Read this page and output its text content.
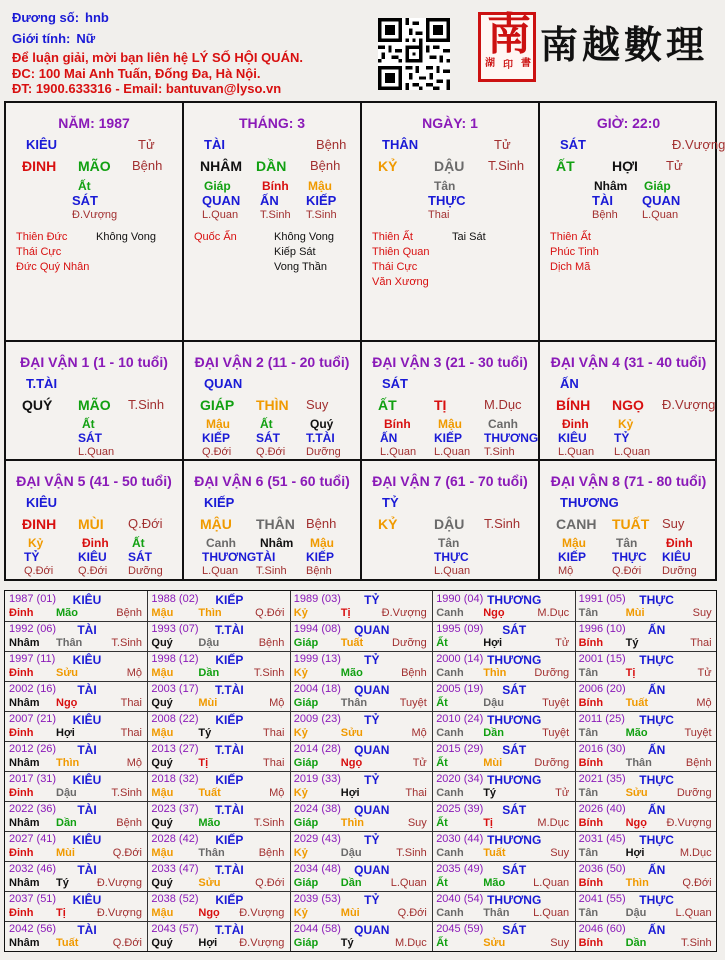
Đương số: hnb
Giới tính: Nữ
Để luận giải, mời bạn liên hệ LÝ SỐ HỘI QUÁN.
ĐC: 100 Mai Anh Tuấn, Đống Đa, Hà Nội.
ĐT: 1900.633316 - Email: bantuvan@lyso.vn
南
湖 印 書 南越數理
NĂM: 1987
KIÊU	Tử
ĐINH MÃO Bệnh
Ất
SÁT
Đ.Vượng
Thiên Đức
Thái Cực
Đức Quý Nhân
Không Vong
THÁNG: 3
TÀI	Bệnh
NHÂM DẦN Bệnh
Giáp
QUAN
L.Quan
Bính
ẤN
T.Sinh
Mậu
KIẾP
T.Sinh
Quốc Ấn	Không Vong
Kiếp Sát
Vong Thần
NGÀY: 1
THÂN	Tử
KỶ	DẬU T.Sinh
Tân
THỰC
Thai
Thiên Ất
Thiên Quan
Thái Cực
Văn Xương
Tai Sát
GIỜ: 22:0
SÁT	Đ.Vượng
ẤT	HỢI Tử
Nhâm
TÀI
Bệnh
Giáp
QUAN
L.Quan
Thiên Ất
Phúc Tinh
Dịch Mã
ĐẠI VẬN 1 (1 - 10 tuổi)
T.TÀI
QUÝ MÃO T.Sinh
Ất
SÁT
L.Quan
ĐẠI VẬN 2 (11 - 20 tuổi)
QUAN
GIÁP THÌN Suy
Mậu
KIẾP
Q.Đới
Ất
SÁT
Q.Đới
Quý
T.TÀI
Dưỡng
ĐẠI VẬN 3 (21 - 30 tuổi)
SÁT
ẤT	TỊ	M.Dục
Bính
ẤN
L.Quan
Mậu
KIẾP
L.Quan
Canh
THƯƠNG
T.Sinh
ĐẠI VẬN 4 (31 - 40 tuổi)
ẤN
BÍNH NGỌ Đ.Vượng
Đinh
KIÊU
L.Quan
Kỷ
TỶ
L.Quan
ĐẠI VẬN 5 (41 - 50 tuổi)
KIÊU
ĐINH MÙI Q.Đới
Kỷ
TỶ
Q.Đới
Đinh
KIÊU
Q.Đới
Ất
SÁT
Dưỡng
ĐẠI VẬN 6 (51 - 60 tuổi)
KIẾP
MẬU THÂN Bệnh
Canh
THƯƠNG
L.Quan
Nhâm
TÀI
T.Sinh
Mậu
KIẾP
Bệnh
ĐẠI VẬN 7 (61 - 70 tuổi)
TỶ
KỶ	DẬU T.Sinh
Tân
THỰC
L.Quan
ĐẠI VẬN 8 (71 - 80 tuổi)
THƯƠNG
CANH TUẤT Suy
Mậu
KIẾP
Mộ
Tân
THỰC
Q.Đới
Đinh
KIÊU
Dưỡng
1987 (01)	KIÊU
Đinh Mão	Bệnh
1988 (02)	KIẾP
Mậu Thìn	Q.Đới
1989 (03)	TỶ
Kỷ	Tị	Đ.Vượng
1990 (04) THƯƠNG
Canh Ngọ	M.Dục
1991 (05)	THỰC
Tân Mùi	Suy
1992 (06)	TÀI
Nhâm Thân	T.Sinh
1993 (07)	T.TÀI
Quý Dậu	Bệnh
1994 (08)	QUAN
Giáp Tuất	Dưỡng
1995 (09)	SÁT
Ất	Hợi	Tử
1996 (10)	ẤN
Bính Tý	Thai
1997 (11)	KIÊU
Đinh Sửu	Mộ
1998 (12)	KIẾP
Mậu Dần	T.Sinh
1999 (13)	TỶ
Kỷ	Mão	Bệnh
2000 (14) THƯƠNG
Canh Thìn	Dưỡng
2001 (15)	THỰC
Tân Tị	Tử
2002 (16)	TÀI
Nhâm Ngọ	Thai
2003 (17)	T.TÀI
Quý Mùi	Mộ
2004 (18)	QUAN
Giáp Thân	Tuyệt
2005 (19)	SÁT
Ất	Dậu	Tuyệt
2006 (20)	ẤN
Bính Tuất	Mộ
2007 (21)	KIÊU
Đinh Hợi	Thai
2008 (22)	KIẾP
Mậu Tý	Thai
2009 (23)	TỶ
Kỷ	Sửu	Mộ
2010 (24) THƯƠNG
Canh Dần	Tuyệt
2011 (25)	THỰC
Tân Mão	Tuyệt
2012 (26)	TÀI
Nhâm Thìn	Mộ
2013 (27)	T.TÀI
Quý Tị	Thai
2014 (28)	QUAN
Giáp Ngọ	Tử
2015 (29)	SÁT
Ất	Mùi	Dưỡng
2016 (30)	ẤN
Bính Thân	Bệnh
2017 (31)	KIÊU
Đinh Dậu	T.Sinh
2018 (32)	KIẾP
Mậu Tuất	Mộ
2019 (33)	TỶ
Kỷ	Hợi	Thai
2020 (34) THƯƠNG
Canh Tý	Tử
2021 (35)	THỰC
Tân Sửu	Dưỡng
2022 (36)	TÀI
Nhâm Dần	Bệnh
2023 (37)	T.TÀI
Quý Mão	T.Sinh
2024 (38)	QUAN
Giáp Thìn	Suy
2025 (39)	SÁT
Ất	Tị	M.Dục
2026 (40)	ẤN
Bính Ngọ Đ.Vượng
2027 (41)	KIÊU
Đinh Mùi	Q.Đới
2028 (42)	KIẾP
Mậu Thân	Bệnh
2029 (43)	TỶ
Kỷ	Dậu	T.Sinh
2030 (44) THƯƠNG
Canh Tuất	Suy
2031 (45)	THỰC
Tân Hợi	M.Dục
2032 (46)	TÀI
Nhâm Tý	Đ.Vượng
2033 (47)	T.TÀI
Quý Sửu	Q.Đới
2034 (48)	QUAN
Giáp Dần	L.Quan
2035 (49)	SÁT
Ất	Mão	L.Quan
2036 (50)	ẤN
Bính Thìn	Q.Đới
2037 (51)	KIÊU
Đinh Tị	Đ.Vượng
2038 (52)	KIẾP
Mậu Ngọ Đ.Vượng
2039 (53)	TỶ
Kỷ	Mùi	Q.Đới
2040 (54) THƯƠNG
Canh Thân L.Quan
2041 (55)	THỰC
Tân Dậu	L.Quan
2042 (56)	TÀI
Nhâm Tuất	Q.Đới
2043 (57)	T.TÀI
Quý Hợi Đ.Vượng
2044 (58)	QUAN
Giáp Tý	M.Dục
2045 (59)	SÁT
Ất	Sửu	Suy
2046 (60)	ẤN
Bính Dần	T.Sinh
